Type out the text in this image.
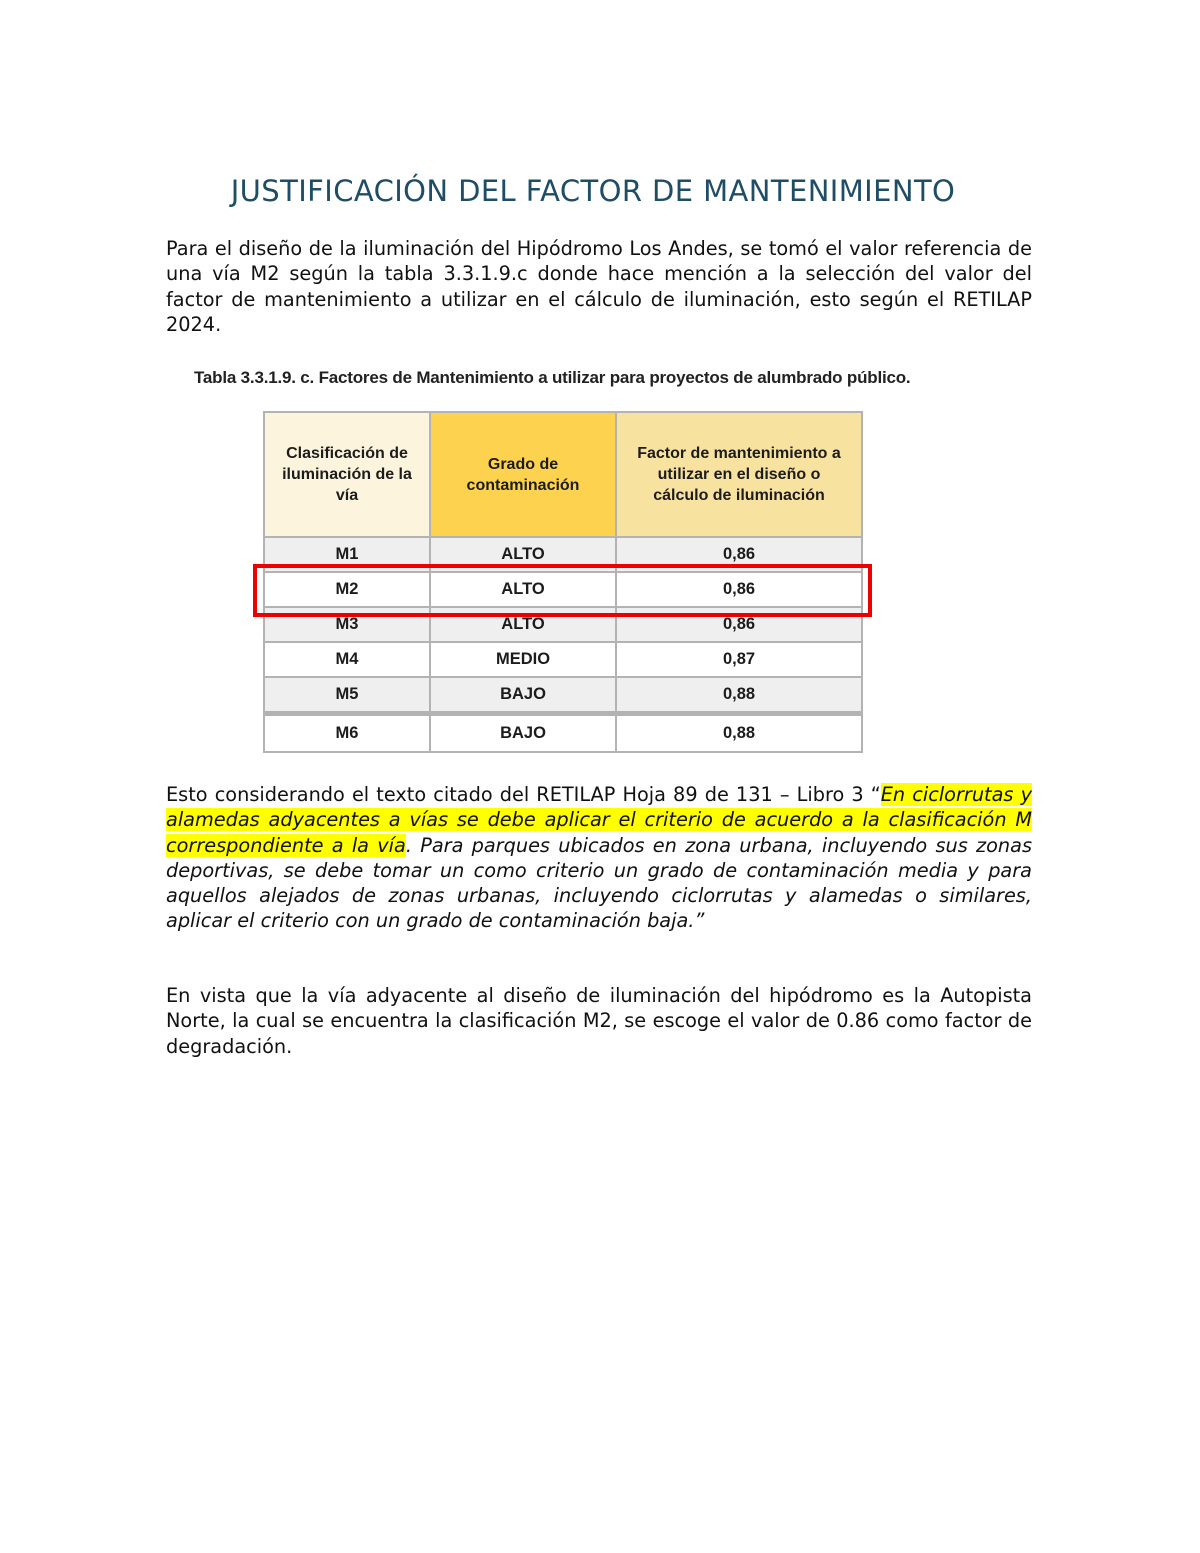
JUSTIFICACIÓN DEL FACTOR DE MANTENIMIENTO

Para el diseño de la iluminación del Hipódromo Los Andes, se tomó el valor referencia de una vía M2 según la tabla 3.3.1.9.c donde hace mención a la selección del valor del factor de mantenimiento a utilizar en el cálculo de iluminación, esto según el RETILAP 2024.

Tabla 3.3.1.9. c. Factores de Mantenimiento a utilizar para proyectos de alumbrado público.
Clasificación de iluminación de la vía	Grado de contaminación	Factor de mantenimiento a utilizar en el diseño o cálculo de iluminación
M1	ALTO	0,86
M2	ALTO	0,86
M3	ALTO	0,86
M4	MEDIO	0,87
M5	BAJO	0,88
M6	BAJO	0,88

Esto considerando el texto citado del RETILAP Hoja 89 de 131 – Libro 3 “En ciclorrutas y alamedas adyacentes a vías se debe aplicar el criterio de acuerdo a la clasificación M correspondiente a la vía. Para parques ubicados en zona urbana, incluyendo sus zonas deportivas, se debe tomar un como criterio un grado de contaminación media y para aquellos alejados de zonas urbanas, incluyendo ciclorrutas y alamedas o similares, aplicar el criterio con un grado de contaminación baja.”

En vista que la vía adyacente al diseño de iluminación del hipódromo es la Autopista Norte, la cual se encuentra la clasificación M2, se escoge el valor de 0.86 como factor de degradación.
